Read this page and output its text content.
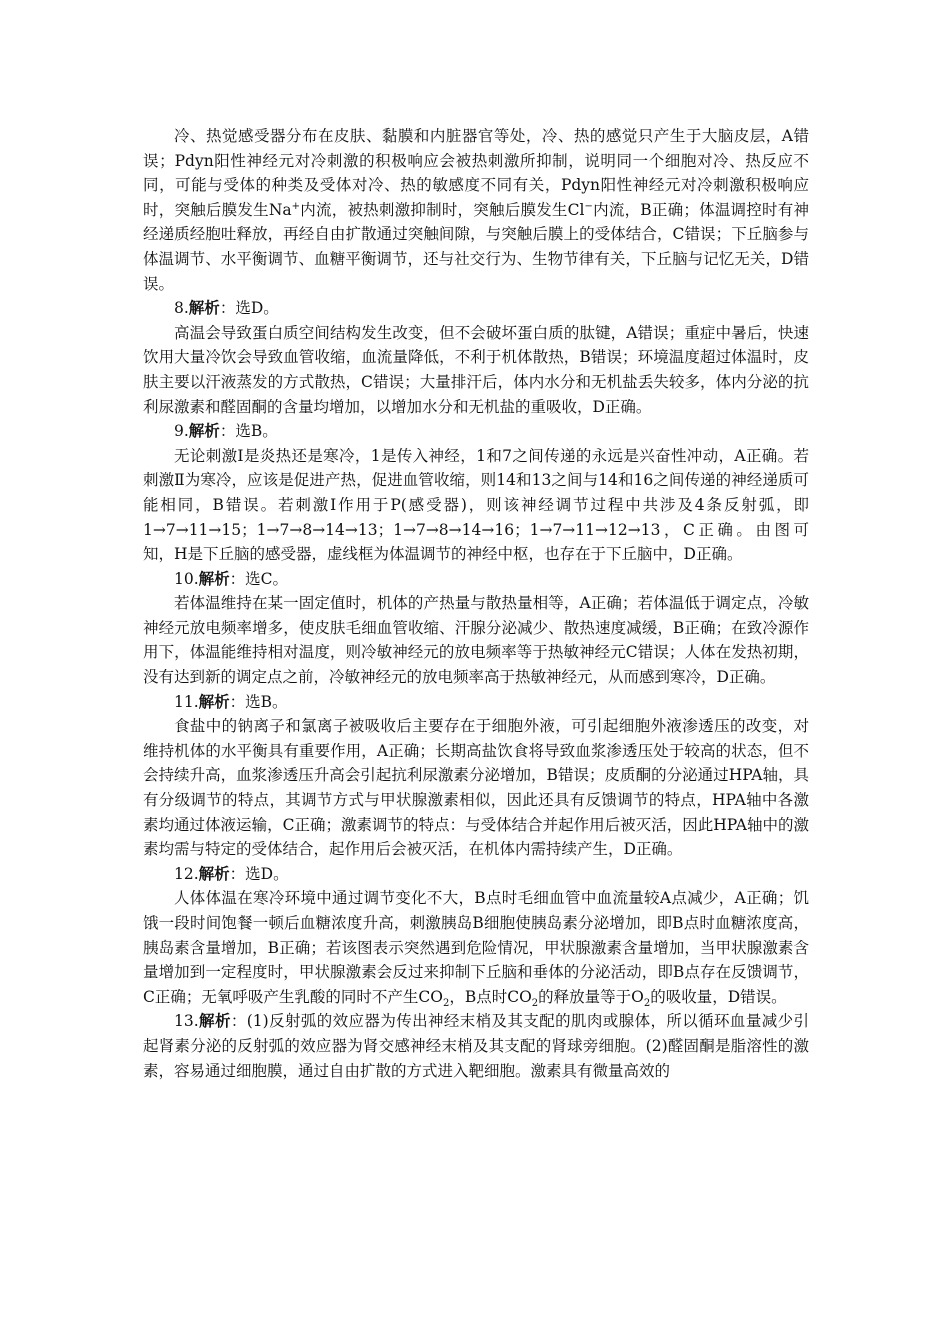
冷、热觉感受器分布在皮肤、黏膜和内脏器官等处，冷、热的感觉只产生于大脑皮层，A错误；Pdyn阳性神经元对冷刺激的积极响应会被热刺激所抑制，说明同一个细胞对冷、热反应不同，可能与受体的种类及受体对冷、热的敏感度不同有关，Pdyn阳性神经元对冷刺激积极响应时，突触后膜发生Na+内流，被热刺激抑制时，突触后膜发生Cl−内流，B正确；体温调控时有神经递质经胞吐释放，再经自由扩散通过突触间隙，与突触后膜上的受体结合，C错误；下丘脑参与体温调节、水平衡调节、血糖平衡调节，还与社交行为、生物节律有关，下丘脑与记忆无关，D错误。

8.解析：选D。

高温会导致蛋白质空间结构发生改变，但不会破坏蛋白质的肽键，A错误；重症中暑后，快速饮用大量冷饮会导致血管收缩，血流量降低，不利于机体散热，B错误；环境温度超过体温时，皮肤主要以汗液蒸发的方式散热，C错误；大量排汗后，体内水分和无机盐丢失较多，体内分泌的抗利尿激素和醛固酮的含量均增加，以增加水分和无机盐的重吸收，D正确。

9.解析：选B。

无论刺激Ⅰ是炎热还是寒冷，1是传入神经，1和7之间传递的永远是兴奋性冲动，A正确。若刺激Ⅱ为寒冷，应该是促进产热，促进血管收缩，则14和13之间与14和16之间传递的神经递质可能相同，B错误。若刺激Ⅰ作用于P(感受器)，则该神经调节过程中共涉及4条反射弧，即1→7→11→15；1→7→8→14→13；1→7→8→14→16；1→7→11→12→13，C正确。由图可知，H是下丘脑的感受器，虚线框为体温调节的神经中枢，也存在于下丘脑中，D正确。

10.解析：选C。

若体温维持在某一固定值时，机体的产热量与散热量相等，A正确；若体温低于调定点，冷敏神经元放电频率增多，使皮肤毛细血管收缩、汗腺分泌减少、散热速度减缓，B正确；在致冷源作用下，体温能维持相对温度，则冷敏神经元的放电频率等于热敏神经元C错误；人体在发热初期，没有达到新的调定点之前，冷敏神经元的放电频率高于热敏神经元，从而感到寒冷，D正确。

11.解析：选B。

食盐中的钠离子和氯离子被吸收后主要存在于细胞外液，可引起细胞外液渗透压的改变，对维持机体的水平衡具有重要作用，A正确；长期高盐饮食将导致血浆渗透压处于较高的状态，但不会持续升高，血浆渗透压升高会引起抗利尿激素分泌增加，B错误；皮质酮的分泌通过HPA轴，具有分级调节的特点，其调节方式与甲状腺激素相似，因此还具有反馈调节的特点，HPA轴中各激素均通过体液运输，C正确；激素调节的特点：与受体结合并起作用后被灭活，因此HPA轴中的激素均需与特定的受体结合，起作用后会被灭活，在机体内需持续产生，D正确。

12.解析：选D。

人体体温在寒冷环境中通过调节变化不大，B点时毛细血管中血流量较A点减少，A正确；饥饿一段时间饱餐一顿后血糖浓度升高，刺激胰岛B细胞使胰岛素分泌增加，即B点时血糖浓度高，胰岛素含量增加，B正确；若该图表示突然遇到危险情况，甲状腺激素含量增加，当甲状腺激素含量增加到一定程度时，甲状腺激素会反过来抑制下丘脑和垂体的分泌活动，即B点存在反馈调节，C正确；无氧呼吸产生乳酸的同时不产生$CO_2$，B点时$CO_2$的释放量等于$O_2$的吸收量，D错误。

13.解析：(1)反射弧的效应器为传出神经末梢及其支配的肌肉或腺体，所以循环血量减少引起肾素分泌的反射弧的效应器为肾交感神经末梢及其支配的肾球旁细胞。(2)醛固酮是脂溶性的激素，容易通过细胞膜，通过自由扩散的方式进入靶细胞。激素具有微量高效的
